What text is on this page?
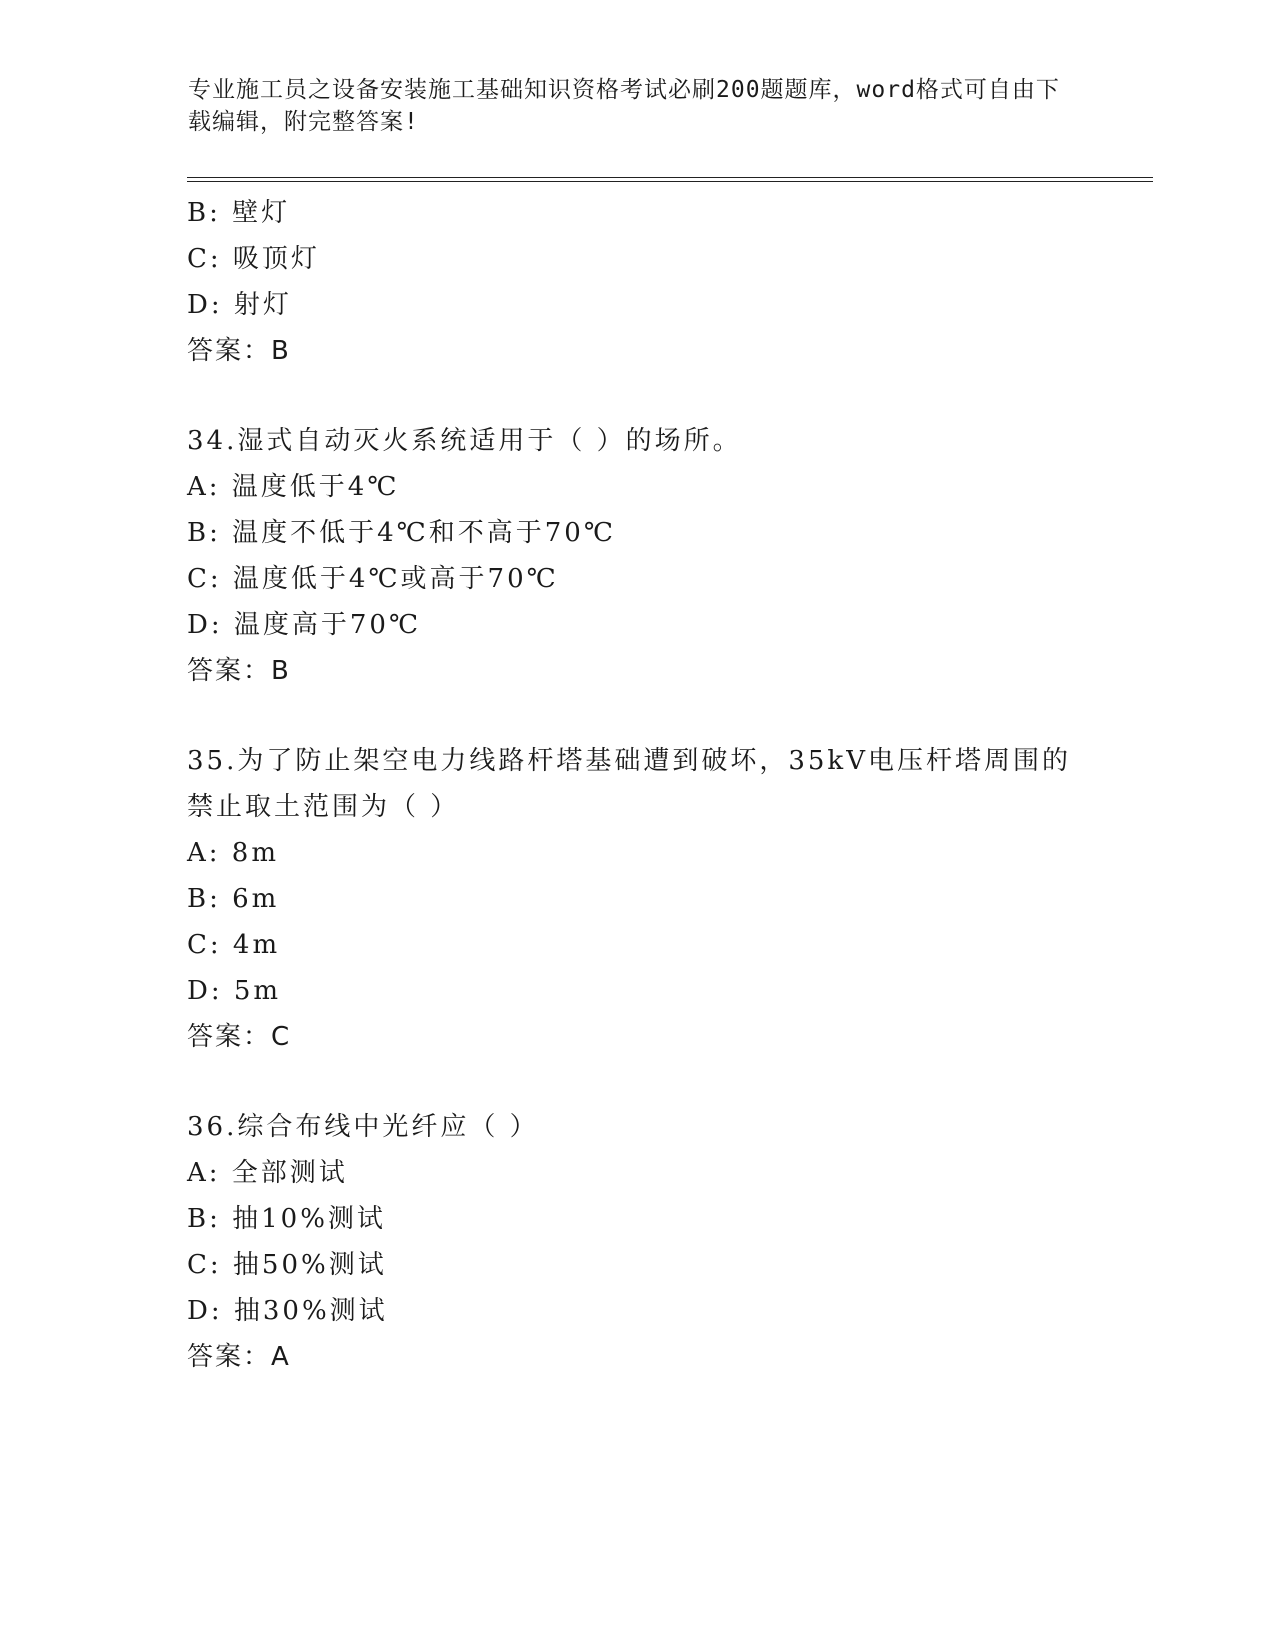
专业施工员之设备安装施工基础知识资格考试必刷200题题库，word格式可自由下载编辑，附完整答案!
B: 壁灯
C: 吸顶灯
D: 射灯
答案：B
34.湿式自动灭火系统适用于（ ）的场所。
A: 温度低于4℃
B: 温度不低于4℃和不高于70℃
C: 温度低于4℃或高于70℃
D: 温度高于70℃
答案：B
35.为了防止架空电力线路杆塔基础遭到破坏，35kV电压杆塔周围的禁止取土范围为（ ）
A: 8m
B: 6m
C: 4m
D: 5m
答案：C
36.综合布线中光纤应（ ）
A: 全部测试
B: 抽10%测试
C: 抽50%测试
D: 抽30%测试
答案：A
